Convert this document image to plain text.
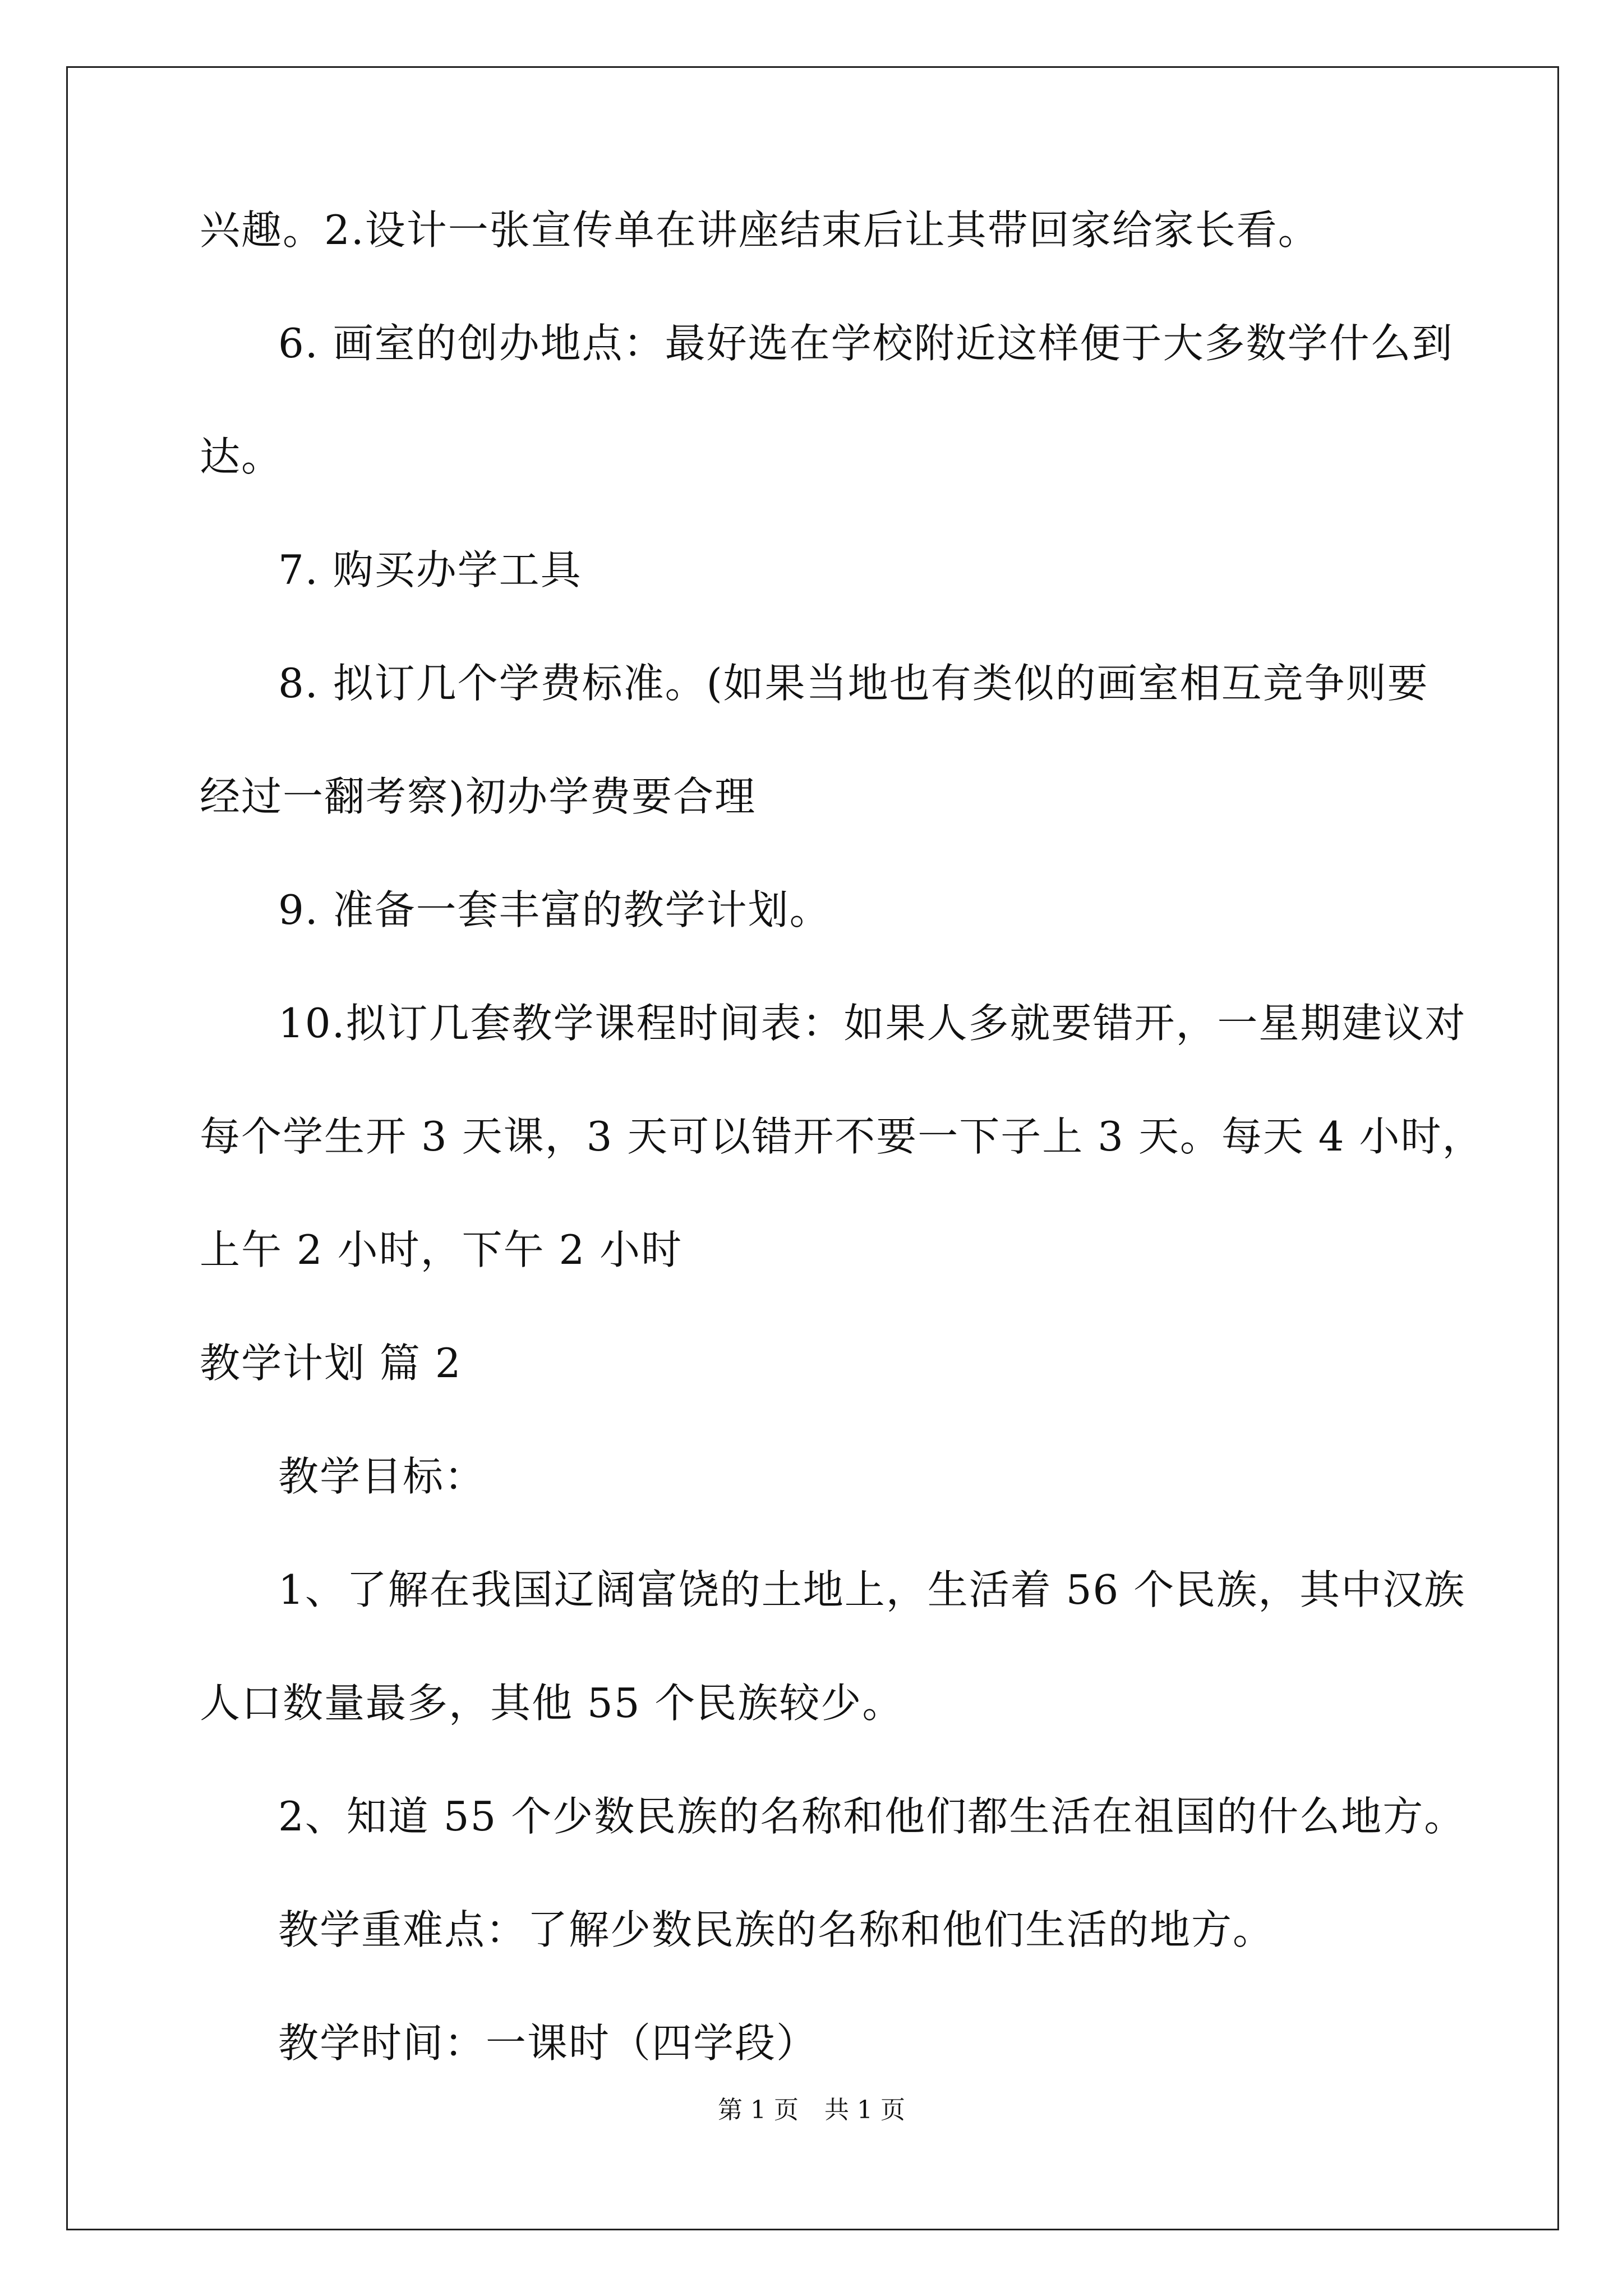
兴趣。2.设计一张宣传单在讲座结束后让其带回家给家长看。
6. 画室的创办地点：最好选在学校附近这样便于大多数学什么到
达。
7. 购买办学工具
8. 拟订几个学费标准。(如果当地也有类似的画室相互竞争则要
经过一翻考察)初办学费要合理
9. 准备一套丰富的教学计划。
10.拟订几套教学课程时间表：如果人多就要错开，一星期建议对
每个学生开 3 天课，3 天可以错开不要一下子上 3 天。每天 4 小时，
上午 2 小时，下午 2 小时
教学计划 篇 2
教学目标：
1、了解在我国辽阔富饶的土地上，生活着 56 个民族，其中汉族
人口数量最多，其他 55 个民族较少。
2、知道 55 个少数民族的名称和他们都生活在祖国的什么地方。
教学重难点：了解少数民族的名称和他们生活的地方。
教学时间：一课时（四学段）
第 1 页 共 1 页
